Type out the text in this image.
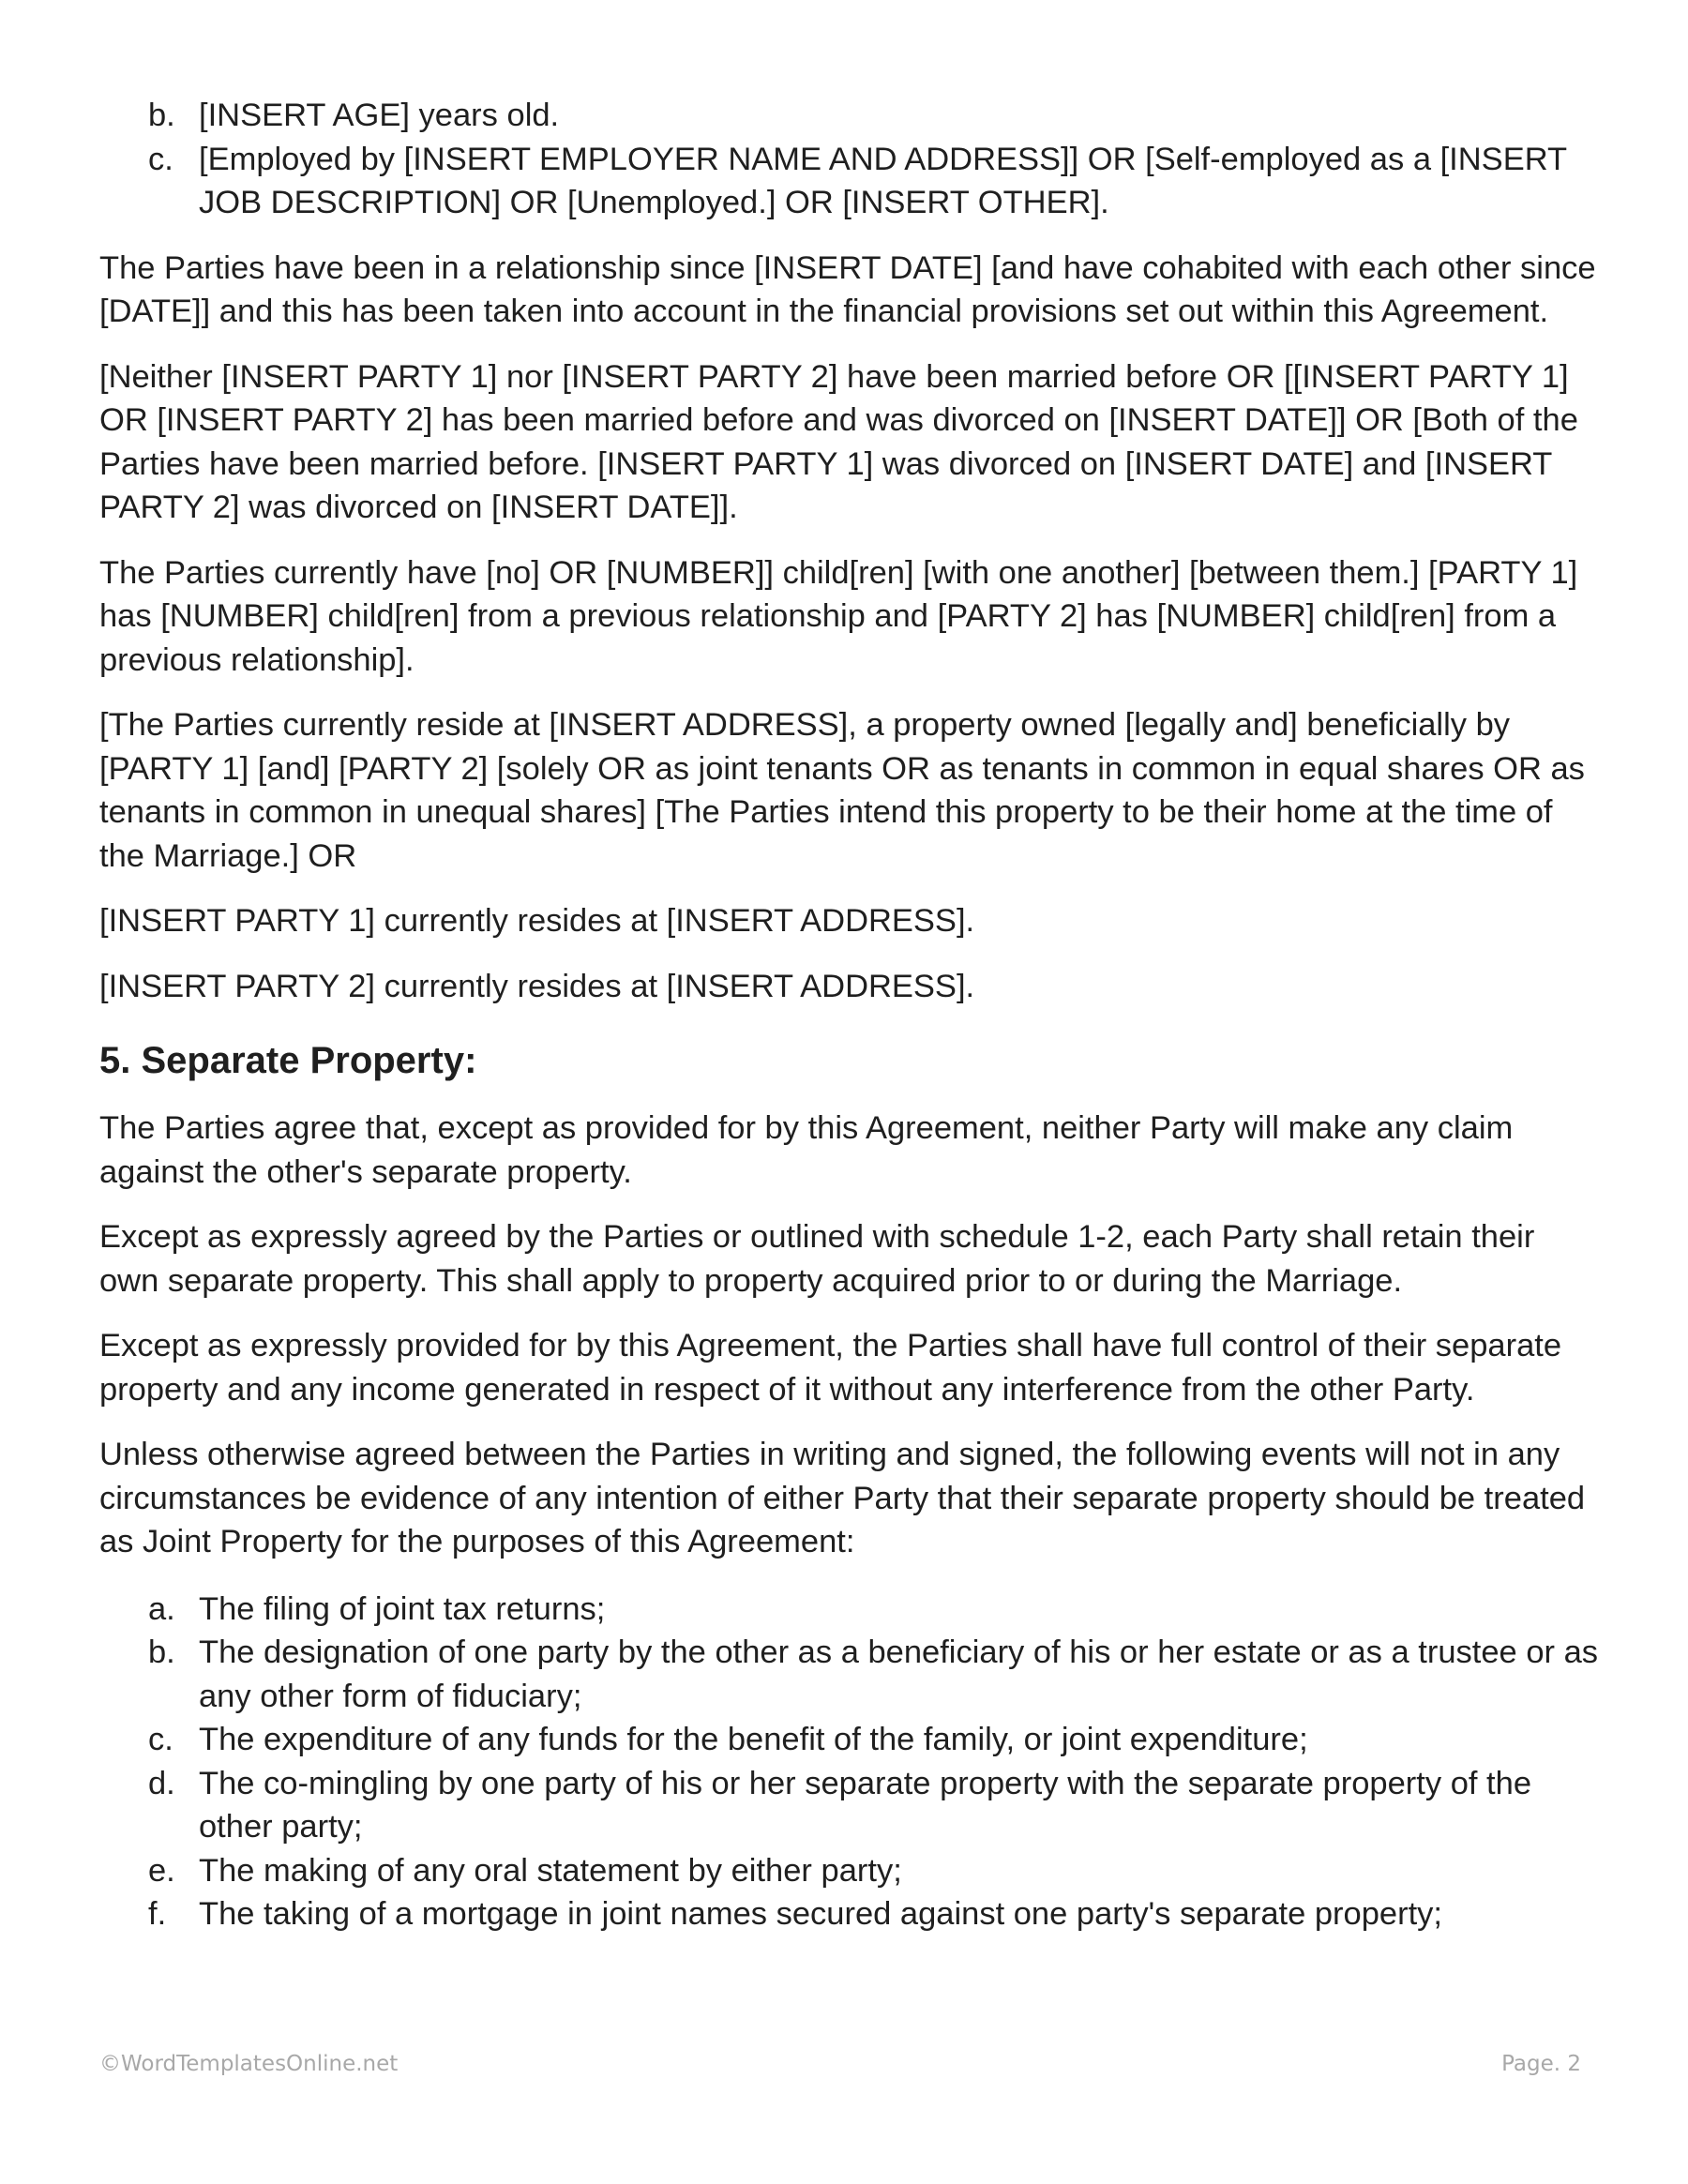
b. [INSERT AGE] years old.
c. [Employed by [INSERT EMPLOYER NAME AND ADDRESS]] OR [Self-employed as a [INSERT JOB DESCRIPTION] OR [Unemployed.] OR [INSERT OTHER].

The Parties have been in a relationship since [INSERT DATE] [and have cohabited with each other since [DATE]] and this has been taken into account in the financial provisions set out within this Agreement.

[Neither [INSERT PARTY 1] nor [INSERT PARTY 2] have been married before OR [[INSERT PARTY 1] OR [INSERT PARTY 2] has been married before and was divorced on [INSERT DATE]] OR [Both of the Parties have been married before. [INSERT PARTY 1] was divorced on [INSERT DATE] and [INSERT PARTY 2] was divorced on [INSERT DATE]].

The Parties currently have [no] OR [NUMBER]] child[ren] [with one another] [between them.] [PARTY 1] has [NUMBER] child[ren] from a previous relationship and [PARTY 2] has [NUMBER] child[ren] from a previous relationship].

[The Parties currently reside at [INSERT ADDRESS], a property owned [legally and] beneficially by [PARTY 1] [and] [PARTY 2] [solely OR as joint tenants OR as tenants in common in equal shares OR as tenants in common in unequal shares] [The Parties intend this property to be their home at the time of the Marriage.] OR

[INSERT PARTY 1] currently resides at [INSERT ADDRESS].

[INSERT PARTY 2] currently resides at [INSERT ADDRESS].

5. Separate Property:

The Parties agree that, except as provided for by this Agreement, neither Party will make any claim against the other's separate property.

Except as expressly agreed by the Parties or outlined with schedule 1-2, each Party shall retain their own separate property. This shall apply to property acquired prior to or during the Marriage.

Except as expressly provided for by this Agreement, the Parties shall have full control of their separate property and any income generated in respect of it without any interference from the other Party.

Unless otherwise agreed between the Parties in writing and signed, the following events will not in any circumstances be evidence of any intention of either Party that their separate property should be treated as Joint Property for the purposes of this Agreement:

a. The filing of joint tax returns;
b. The designation of one party by the other as a beneficiary of his or her estate or as a trustee or as any other form of fiduciary;
c. The expenditure of any funds for the benefit of the family, or joint expenditure;
d. The co-mingling by one party of his or her separate property with the separate property of the other party;
e. The making of any oral statement by either party;
f. The taking of a mortgage in joint names secured against one party's separate property;
©WordTemplatesOnline.net	Page. 2
